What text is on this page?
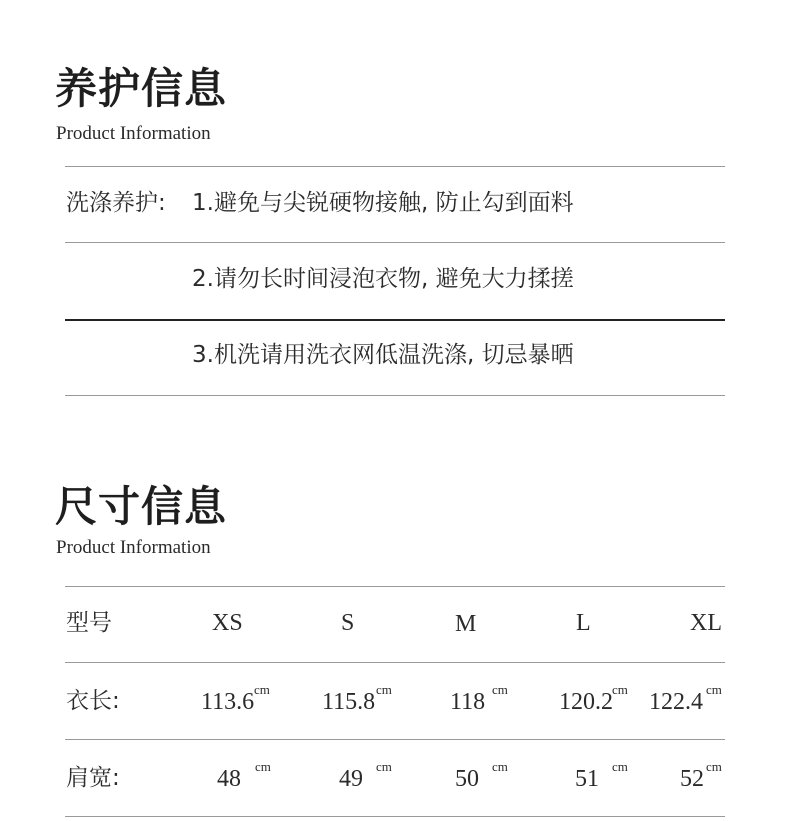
养护信息
Product Information
洗涤养护: 1.避免与尖锐硬物接触, 防止勾到面料
2.请勿长时间浸泡衣物, 避免大力揉搓
3.机洗请用洗衣网低温洗涤, 切忌暴晒
尺寸信息
Product Information
型号	XS	S	M	L	XL
衣长:	113.6 cm 115.8 cm 118 cm 120.2 cm 122.4 cm
肩宽:	48 cm	49 cm	50 cm	51 cm 52 cm
